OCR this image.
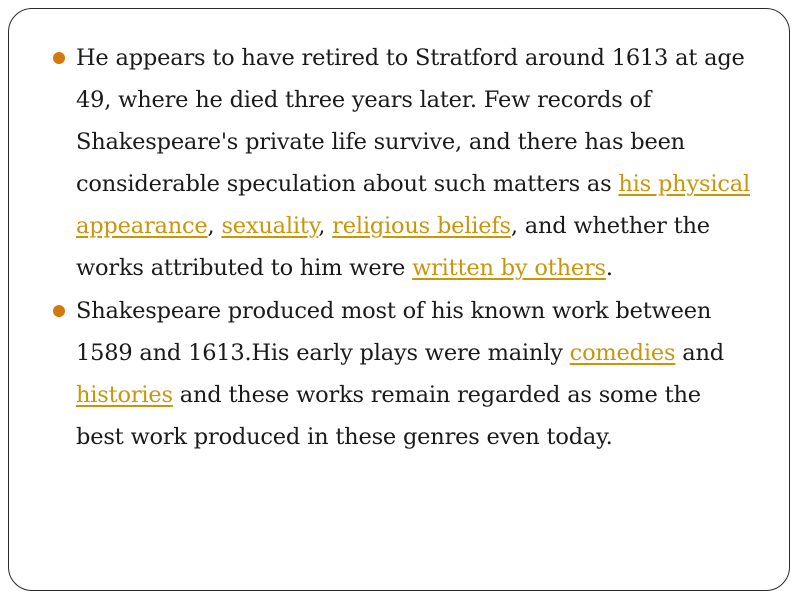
He appears to have retired to Stratford around 1613 at age 49, where he died three years later. Few records of Shakespeare's private life survive, and there has been considerable speculation about such matters as his physical appearance, sexuality, religious beliefs, and whether the works attributed to him were written by others.
Shakespeare produced most of his known work between 1589 and 1613.His early plays were mainly comedies and histories and these works remain regarded as some the best work produced in these genres even today.
